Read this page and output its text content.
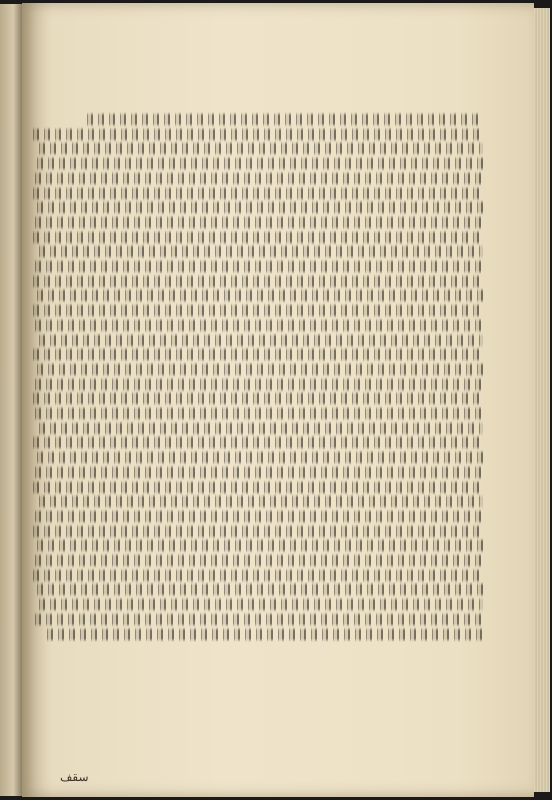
سقف
